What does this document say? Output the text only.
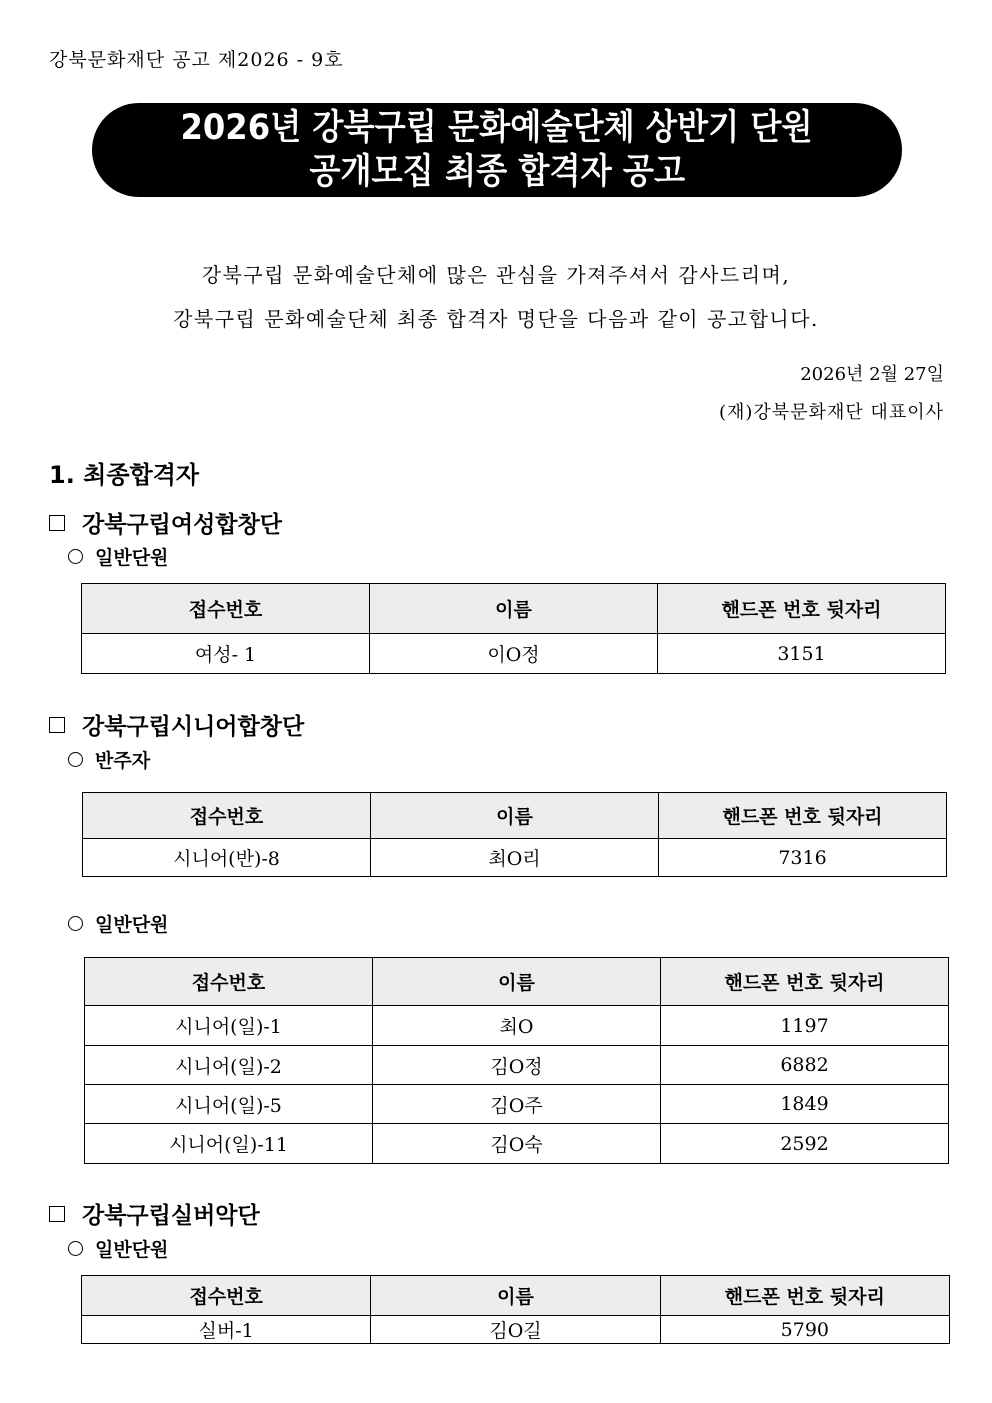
강북문화재단 공고 제2026 - 9호
2026년 강북구립 문화예술단체 상반기 단원
공개모집 최종 합격자 공고
강북구립 문화예술단체에 많은 관심을 가져주셔서 감사드리며,
강북구립 문화예술단체 최종 합격자 명단을 다음과 같이 공고합니다.
2026년 2월 27일
(재)강북문화재단 대표이사
1. 최종합격자
강북구립여성합창단
일반단원
접수번호	이름	핸드폰 번호 뒷자리
여성- 1	이O정	3151
강북구립시니어합창단
반주자
접수번호	이름	핸드폰 번호 뒷자리
시니어(반)-8	최O리	7316
일반단원
접수번호	이름	핸드폰 번호 뒷자리
시니어(일)-1	최O	1197
시니어(일)-2	김O정	6882
시니어(일)-5	김O주	1849
시니어(일)-11	김O숙	2592
강북구립실버악단
일반단원
접수번호	이름	핸드폰 번호 뒷자리
실버-1	김O길	5790
